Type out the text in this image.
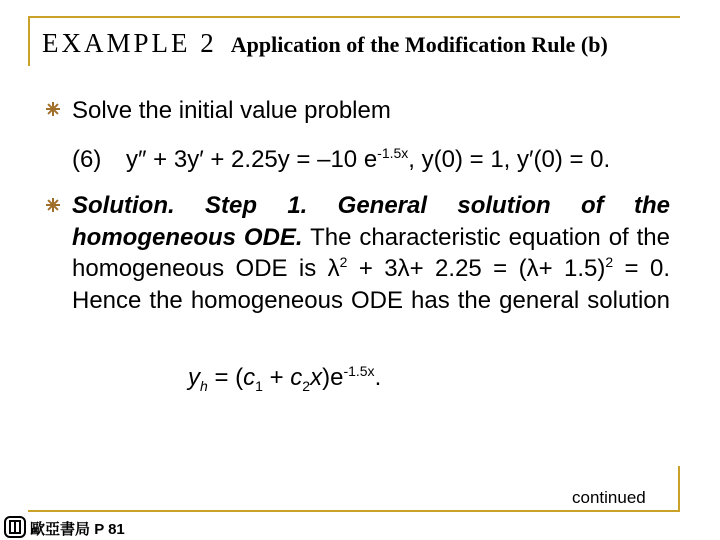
EXAMPLE 2 Application of the Modification Rule (b)
Solve the initial value problem
(6) y″ + 3y′ + 2.25y = –10 $e^{-1.5x}$, y(0) = 1, y′(0) = 0.
Solution. Step 1. General solution of the homogeneous ODE. The characteristic equation of the homogeneous ODE is $\lambda^2 + 3\lambda+ 2.25 = (\lambda+ 1.5)^2 = 0$. Hence the homogeneous ODE has the general solution
$y_h = (c_1 + c_2x)e^{-1.5x}$.
continued
歐亞書局 P 81
